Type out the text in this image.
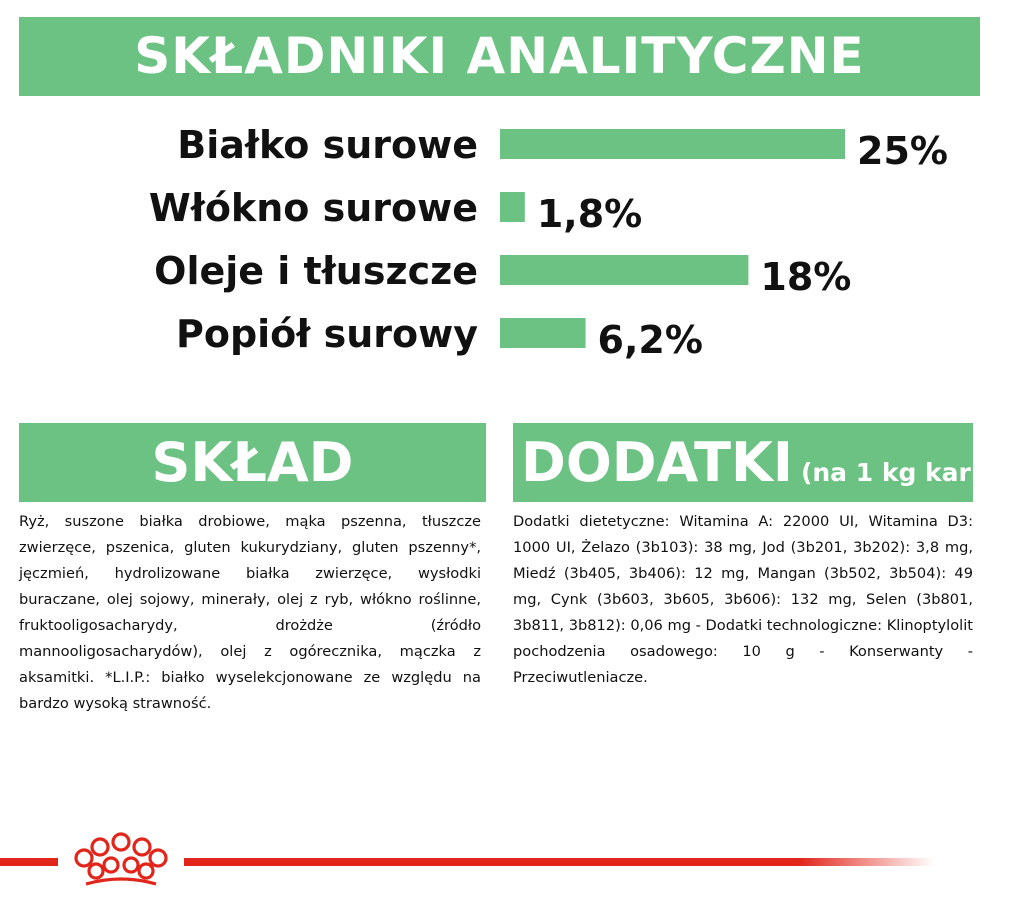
SKŁADNIKI ANALITYCZNE
Białko surowe	25%
Włókno surowe 1,8%
Oleje i tłuszcze	18%
Popiół surowy	6,2%
SKŁAD	DODATKI (na 1 kg karmy)
Ryż, suszone białka drobiowe, mąka pszenna, tłuszcze zwierzęce, pszenica, gluten kukurydziany, gluten pszenny*, jęczmień, hydrolizowane białka zwierzęce, wysłodki buraczane, olej sojowy, minerały, olej z ryb, włókno roślinne, fruktooligosacharydy, drożdże (źródło mannooligosacharydów), olej z ogórecznika, mączka z aksamitki. *L.I.P.: białko wyselekcjonowane ze względu na bardzo wysoką strawność.
Dodatki dietetyczne: Witamina A: 22000 UI, Witamina D3: 1000 UI, Żelazo (3b103): 38 mg, Jod (3b201, 3b202): 3,8 mg, Miedź (3b405, 3b406): 12 mg, Mangan (3b502, 3b504): 49 mg, Cynk (3b603, 3b605, 3b606): 132 mg, Selen (3b801, 3b811, 3b812): 0,06 mg - Dodatki technologiczne: Klinoptylolit pochodzenia osadowego: 10 g - Konserwanty - Przeciwutleniacze.
